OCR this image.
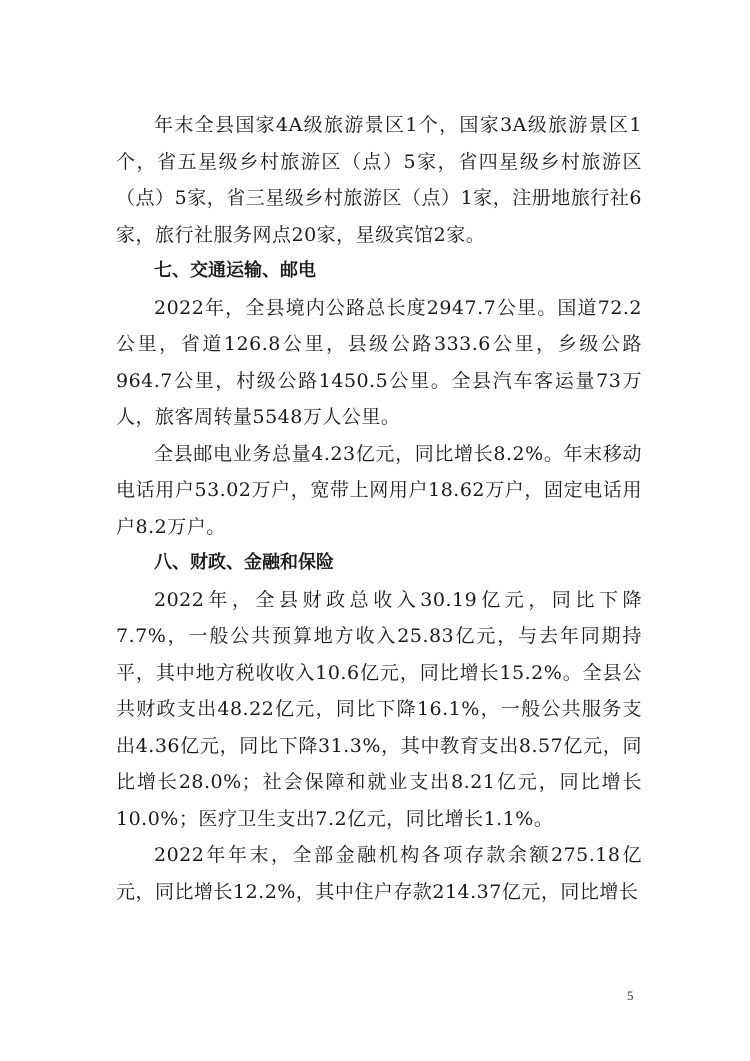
年末全县国家4A级旅游景区1个，国家3A级旅游景区1个，省五星级乡村旅游区（点）5家，省四星级乡村旅游区（点）5家，省三星级乡村旅游区（点）1家，注册地旅行社6家，旅行社服务网点20家，星级宾馆2家。

七、交通运输、邮电

2022年，全县境内公路总长度2947.7公里。国道72.2公里，省道126.8公里，县级公路333.6公里，乡级公路964.7公里，村级公路1450.5公里。全县汽车客运量73万人，旅客周转量5548万人公里。

全县邮电业务总量4.23亿元，同比增长8.2%。年末移动电话用户53.02万户，宽带上网用户18.62万户，固定电话用户8.2万户。

八、财政、金融和保险

2022年，全县财政总收入30.19亿元，同比下降7.7%，一般公共预算地方收入25.83亿元，与去年同期持平，其中地方税收收入10.6亿元，同比增长15.2%。全县公共财政支出48.22亿元，同比下降16.1%，一般公共服务支出4.36亿元，同比下降31.3%，其中教育支出8.57亿元，同比增长28.0%；社会保障和就业支出8.21亿元，同比增长10.0%；医疗卫生支出7.2亿元，同比增长1.1%。

2022年年末，全部金融机构各项存款余额275.18亿元，同比增长12.2%，其中住户存款214.37亿元，同比增长

5
